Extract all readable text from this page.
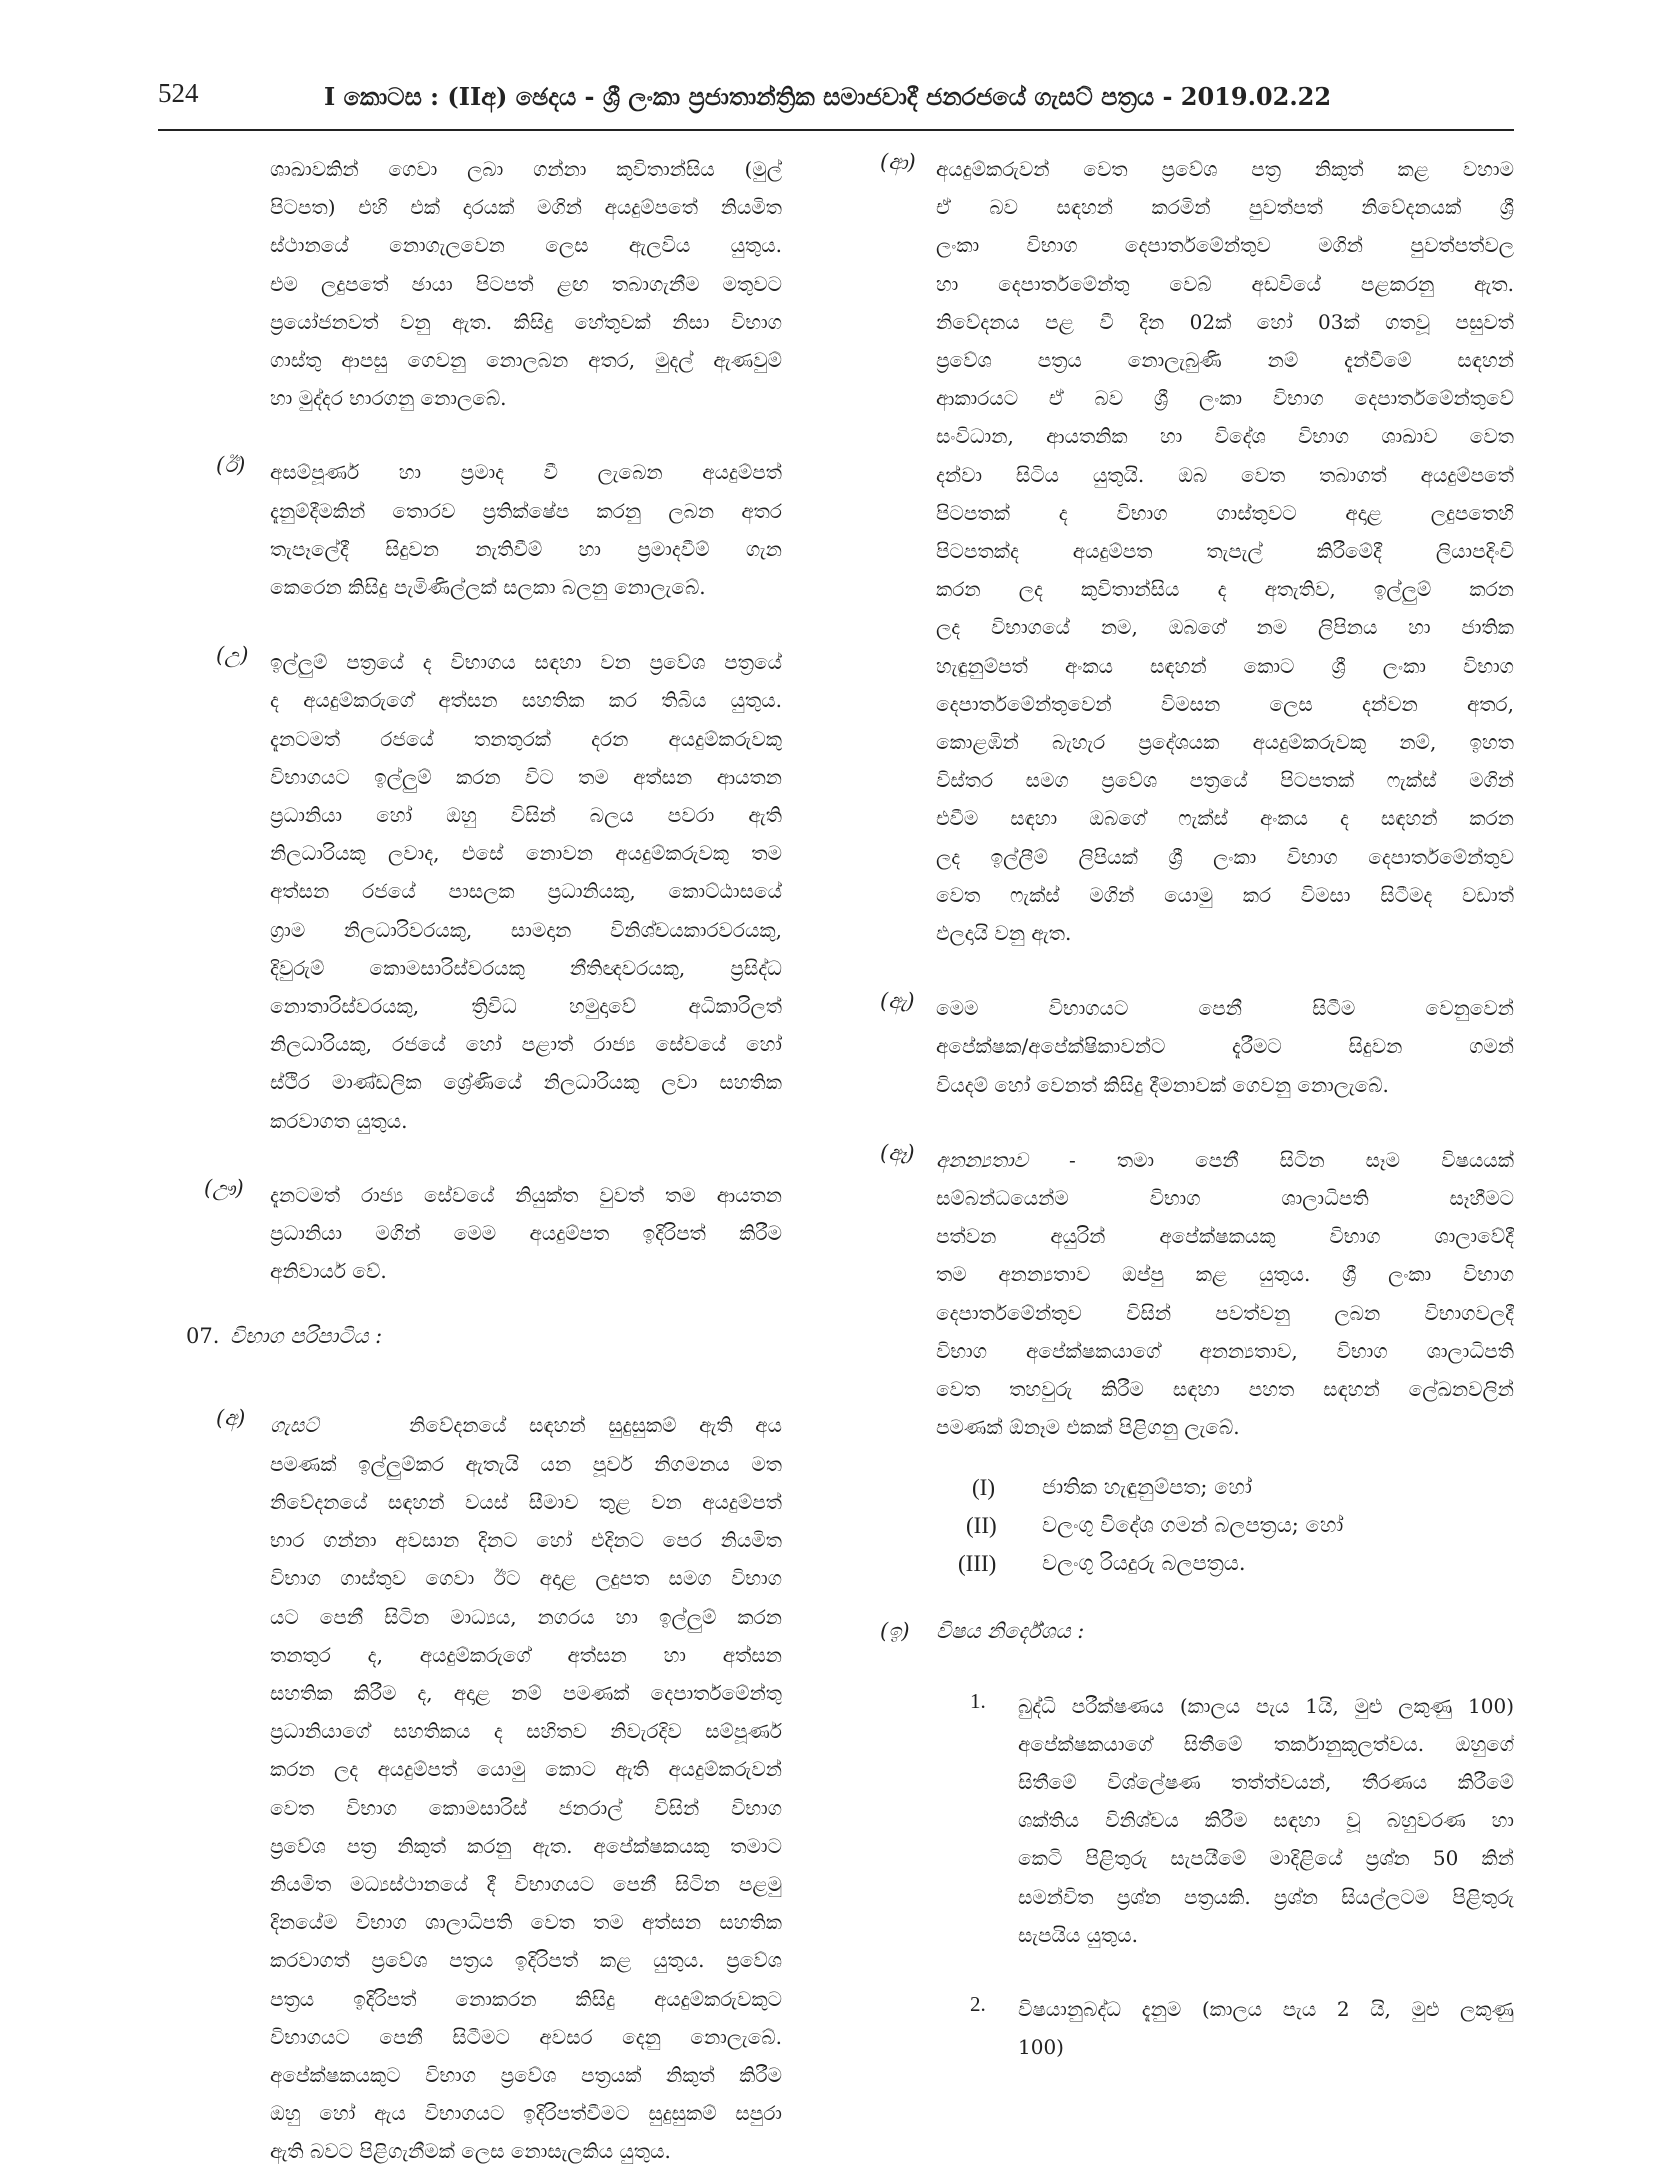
524	I කොටස : (IIඅ) ඡෙදය - ශ්‍රී ලංකා ප්‍රජාතාන්ත්‍රික සමාජවාදී ජනරජයේ ගැසට් පත්‍රය - 2019.02.22
ශාඛාවකින් ගෙවා ලබා ගන්නා කුවිතාන්සිය (මුල්
පිටපත) එහි එක් දාරයක් මගින් අයදුම්පතේ නියමිත
ස්ථානයේ නොගැලවෙන ලෙස ඇලවිය යුතුය.
එම ලදුපතේ ඡායා පිටපත් ළඟ තබාගැනීම මතුවට
ප්‍රයෝජනවත් වනු ඇත. කිසිදු හේතුවක් නිසා විභාග
ගාස්තු ආපසු ගෙවනු නොලබන අතර, මුදල් ඇණවුම්
හා මුද්දර භාරගනු නොලබේ.
(ඊ) අසම්පූර්ණ හා ප්‍රමාද වී ලැබෙන අයදුම්පත්
දැනුම්දීමකින් තොරව ප්‍රතික්ෂේප කරනු ලබන අතර
තැපෑලේදී සිදුවන නැතිවීම් හා ප්‍රමාදවීම් ගැන
කෙරෙන කිසිදු පැමිණිල්ලක් සලකා බලනු නොලැබේ.
(උ) ඉල්ලුම් පත්‍රයේ ද විභාගය සඳහා වන ප්‍රවේශ පත්‍රයේ
ද අයදුම්කරුගේ අත්සන සහතික කර තිබිය යුතුය.
දැනටමත් රජයේ තනතුරක් දරන අයදුම්කරුවකු
විභාගයට ඉල්ලුම් කරන විට තම අත්සන ආයතන
ප්‍රධානියා හෝ ඔහු විසින් බලය පවරා ඇති
නිලධාරියකු ලවාද, එසේ නොවන අයදුම්කරුවකු තම
අත්සන රජයේ පාසලක ප්‍රධානියකු, කොට්ඨාසයේ
ග්‍රාම නිලධාරිවරයකු, සාමදාන විනිශ්චයකාරවරයකු,
දිවුරුම් කොමසාරිස්වරයකු නීතිඥවරයකු, ප්‍රසිද්ධ
නොතාරිස්වරයකු, ත්‍රිවිධ හමුදාවේ අධිකාරිලත්
නිලධාරියකු, රජයේ හෝ පළාත් රාජ්‍ය සේවයේ හෝ
ස්ථිර මාණ්ඩලික ශ්‍රේණියේ නිලධාරියකු ලවා සහතික
කරවාගත යුතුය.
(ඌ) දැනටමත් රාජ්‍ය සේවයේ නියුක්ත වුවත් තම ආයතන
ප්‍රධානියා මගින් මෙම අයදුම්පත ඉදිරිපත් කිරීම
අනිවාර්ය වේ.
07. විභාග පරිපාටිය :
(අ) ගැසට්	නිවේදනයේ සඳහන් සුදුසුකම් ඇති අය
පමණක් ඉල්ලුම්කර ඇතැයි යන පූර්ව නිගමනය මත
නිවේදනයේ සඳහන් වයස් සීමාව තුළ වන අයදුම්පත්
භාර ගන්නා අවසාන දිනට හෝ එදිනට පෙර නියමිත
විභාග ගාස්තුව ගෙවා ඊට අදාළ ලදුපත සමග විභාග
යට පෙනී සිටින මාධ්‍යය, නගරය හා ඉල්ලුම් කරන
තනතුර ද, අයදුම්කරුගේ අත්සන හා අත්සන
සහතික කිරීම ද, අදාළ නම් පමණක් දෙපාර්තමේන්තු
ප්‍රධානියාගේ සහතිකය ද සහිතව නිවැරදිව සම්පූර්ණ
කරන ලද අයදුම්පත් යොමු කොට ඇති අයදුම්කරුවන්
වෙත විභාග කොමසාරිස් ජනරාල් විසින් විභාග
ප්‍රවේශ පත්‍ර නිකුත් කරනු ඇත. අපේක්ෂකයකු තමාට
නියමිත මධ්‍යස්ථානයේ දී විභාගයට පෙනී සිටින පළමු
දිනයේම විභාග ශාලාධිපති වෙත තම අත්සන සහතික
කරවාගත් ප්‍රවේශ පත්‍රය ඉදිරිපත් කළ යුතුය. ප්‍රවේශ
පත්‍රය ඉදිරිපත් නොකරන කිසිදු අයදුම්කරුවකුට
විභාගයට පෙනී සිටීමට අවසර දෙනු නොලැබේ.
අපේක්ෂකයකුට විභාග ප්‍රවේශ පත්‍රයක් නිකුත් කිරීම
ඔහු හෝ ඇය විභාගයට ඉදිරිපත්වීමට සුදුසුකම් සපුරා
ඇති බවට පිළිගැනීමක් ලෙස නොසැලකිය යුතුය.
(ආ) අයදුම්කරුවන් වෙත ප්‍රවේශ පත්‍ර නිකුත් කළ වහාම
ඒ බව සඳහන් කරමින් පුවත්පත් නිවේදනයක් ශ්‍රී
ලංකා විභාග දෙපාර්තමේන්තුව මගින් පුවත්පත්වල
හා දෙපාර්තමේන්තු වෙබ් අඩවියේ පළකරනු ඇත.
නිවේදනය පළ වී දින 02ක් හෝ 03ක් ගතවූ පසුවත්
ප්‍රවේශ පත්‍රය නොලැබුණි නම් දැන්වීමේ සඳහන්
ආකාරයට ඒ බව ශ්‍රී ලංකා විභාග දෙපාර්තමේන්තුවේ
සංවිධාන, ආයතනික හා විදේශ විභාග ශාඛාව වෙත
දන්වා සිටිය යුතුයි. ඔබ වෙත තබාගත් අයදුම්පතේ
පිටපතක් ද විභාග ගාස්තුවට අදාළ ලදුපතෙහි
පිටපතක්ද අයදුම්පත තැපැල් කිරීමේදී ලියාපදිංචි
කරන ලද කුවිතාන්සිය ද අතැතිව, ඉල්ලුම් කරන
ලද විභාගයේ නම, ඔබගේ නම ලිපිනය හා ජාතික
හැඳුනුම්පත් අංකය සඳහන් කොට ශ්‍රී ලංකා විභාග
දෙපාර්තමේන්තුවෙන් විමසන ලෙස දන්වන අතර,
කොළඹින් බැහැර ප්‍රදේශයක අයදුම්කරුවකු නම්, ඉහත
විස්තර සමග ප්‍රවේශ පත්‍රයේ පිටපතක් ෆැක්ස් මගින්
එවීම සඳහා ඔබගේ ෆැක්ස් අංකය ද සඳහන් කරන
ලද ඉල්ලීම් ලිපියක් ශ්‍රී ලංකා විභාග දෙපාර්තමේන්තුව
වෙත ෆැක්ස් මගින් යොමු කර විමසා සිටීමද වඩාත්
ඵලදායි වනු ඇත.
(ඇ) මෙම විභාගයට පෙනී සිටීම වෙනුවෙන්
අපේක්ෂක/අපේක්ෂිකාවන්ට දැරීමට සිදුවන ගමන්
වියදම් හෝ වෙනත් කිසිදු දීමනාවක් ගෙවනු නොලැබේ.
(ඈ) අනන්‍යතාව - තමා පෙනී සිටින සෑම විෂයයක්
සම්බන්ධයෙන්ම විභාග ශාලාධිපති සෑහීමට
පත්වන අයුරින් අපේක්ෂකයකු විභාග ශාලාවේදී
තම අනන්‍යතාව ඔප්පු කළ යුතුය. ශ්‍රී ලංකා විභාග
දෙපාර්තමේන්තුව විසින් පවත්වනු ලබන විභාගවලදී
විභාග අපේක්ෂකයාගේ අනන්‍යතාව, විභාග ශාලාධිපති
වෙත තහවුරු කිරීම සඳහා පහත සඳහන් ලේඛනවලින්
පමණක් ඕනෑම එකක් පිළිගනු ලැබේ.
(I) ජාතික හැඳුනුම්පත; හෝ
(II) වලංගු විදේශ ගමන් බලපත්‍රය; හෝ
(III) වලංගු රියදුරු බලපත්‍රය.
(ඉ) විෂය නිර්දේශය :
1. බුද්ධි පරීක්ෂණය (කාලය පැය 1යි, මුළු ලකුණු 100)
අපේක්ෂකයාගේ සිතීමේ තර්කානුකූලත්වය. ඔහුගේ
සිතීමේ විශ්ලේෂණ තත්ත්වයන්, තීරණය කිරීමේ
ශක්තිය විනිශ්චය කිරීම සඳහා වූ බහුවරණ හා
කෙටි පිළිතුරු සැපයීමේ මාදිළියේ ප්‍රශ්න 50 කින්
සමන්විත ප්‍රශ්න පත්‍රයකි. ප්‍රශ්න සියල්ලටම පිළිතුරු
සැපයිය යුතුය.
2. විෂයානුබද්ධ දැනුම (කාලය පැය 2 යි, මුළු ලකුණු
100)
